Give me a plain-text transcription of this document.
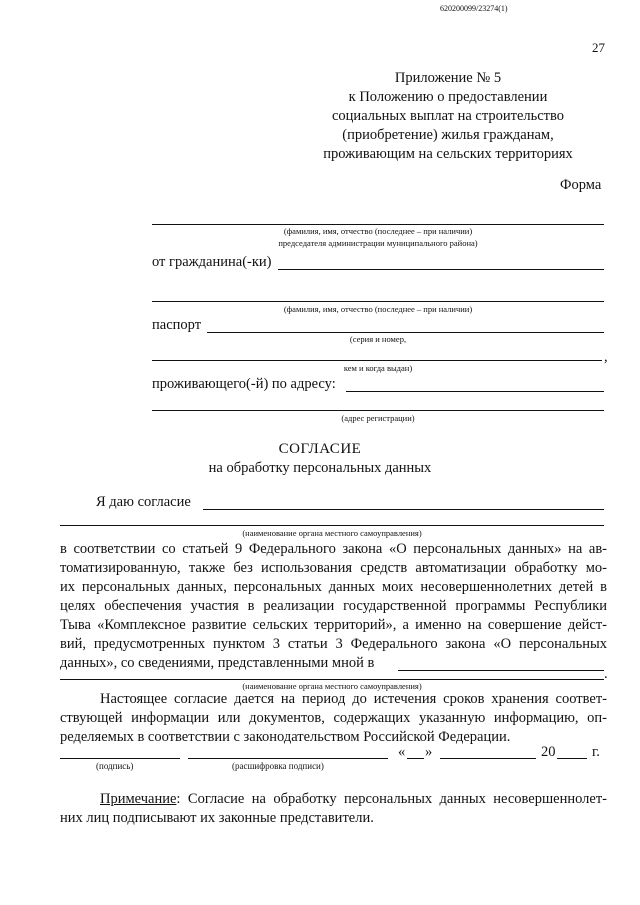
620200099/23274(1)
27
Приложение № 5
к Положению о предоставлении
социальных выплат на строительство
(приобретение) жилья гражданам,
проживающим на сельских территориях
Форма
(фамилия, имя, отчество (последнее – при наличии)
председателя администрации муниципального района)
от гражданина(-ки)
(фамилия, имя, отчество (последнее – при наличии)
паспорт
(серия и номер,
,
кем и когда выдан)
проживающего(-й) по адресу:
(адрес регистрации)
СОГЛАСИЕ
на обработку персональных данных
Я даю согласие
(наименование органа местного самоуправления)
в соответствии со статьей 9 Федерального закона «О персональных данных» на ав-
томатизированную, также без использования средств автоматизации обработку мо-
их персональных данных, персональных данных моих несовершеннолетних детей в
целях обеспечения участия в реализации государственной программы Республики
Тыва «Комплексное развитие сельских территорий», а именно на совершение дейст-
вий, предусмотренных пунктом 3 статьи 3 Федерального закона «О персональных
данных», со сведениями, представленными мной в
.
(наименование органа местного самоуправления)
Настоящее согласие дается на период до истечения сроков хранения соответ-
ствующей информации или документов, содержащих указанную информацию, оп-
ределяемых в соответствии с законодательством Российской Федерации.
« »	20	г.
(подпись)	(расшифровка подписи)
Примечание: Согласие на обработку персональных данных несовершеннолет-
них лиц подписывают их законные представители.
